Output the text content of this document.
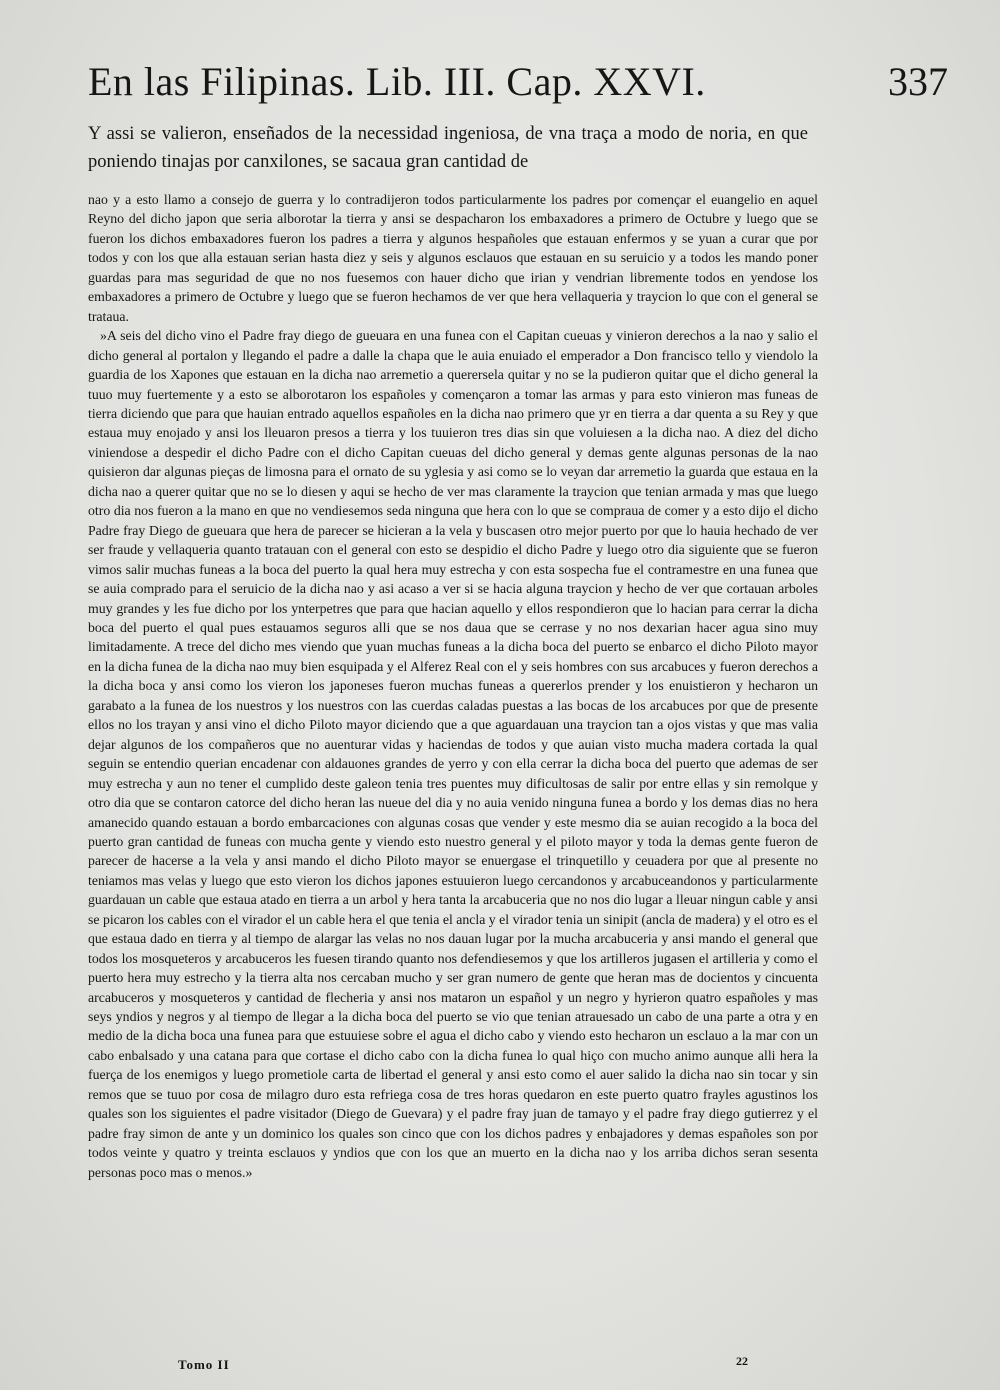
En las Filipinas. Lib. III. Cap. XXVI.	337
Y assi se valieron, enseñados de la necessidad ingeniosa, de vna traça a modo de noria, en que poniendo tinajas por canxilones, se sacaua gran cantidad de

nao y a esto llamo a consejo de guerra y lo contradijeron todos particularmente los padres por començar el euangelio en aquel Reyno del dicho japon que seria alborotar la tierra y ansi se despacharon los embaxadores a primero de Octubre y luego que se fueron los dichos embaxadores fueron los padres a tierra y algunos hespañoles que estauan enfermos y se yuan a curar que por todos y con los que alla estauan serian hasta diez y seis y algunos esclauos que estauan en su seruicio y a todos les mando poner guardas para mas seguridad de que no nos fuesemos con hauer dicho que irian y vendrian libremente todos en yendose los embaxadores a primero de Octubre y luego que se fueron hechamos de ver que hera vellaqueria y traycion lo que con el general se trataua.

»A seis del dicho vino el Padre fray diego de gueuara en una funea con el Capitan cueuas y vinieron derechos a la nao y salio el dicho general al portalon y llegando el padre a dalle la chapa que le auia enuiado el emperador a Don francisco tello y viendolo la guardia de los Xapones que estauan en la dicha nao arremetio a querersela quitar y no se la pudieron quitar que el dicho general la tuuo muy fuertemente y a esto se alborotaron los españoles y començaron a tomar las armas y para esto vinieron mas funeas de tierra diciendo que para que hauian entrado aquellos españoles en la dicha nao primero que yr en tierra a dar quenta a su Rey y que estaua muy enojado y ansi los lleuaron presos a tierra y los tuuieron tres dias sin que voluiesen a la dicha nao. A diez del dicho viniendose a despedir el dicho Padre con el dicho Capitan cueuas del dicho general y demas gente algunas personas de la nao quisieron dar algunas pieças de limosna para el ornato de su yglesia y asi como se lo veyan dar arremetio la guarda que estaua en la dicha nao a querer quitar que no se lo diesen y aqui se hecho de ver mas claramente la traycion que tenian armada y mas que luego otro dia nos fueron a la mano en que no vendiesemos seda ninguna que hera con lo que se compraua de comer y a esto dijo el dicho Padre fray Diego de gueuara que hera de parecer se hicieran a la vela y buscasen otro mejor puerto por que lo hauia hechado de ver ser fraude y vellaqueria quanto tratauan con el general con esto se despidio el dicho Padre y luego otro dia siguiente que se fueron vimos salir muchas funeas a la boca del puerto la qual hera muy estrecha y con esta sospecha fue el contramestre en una funea que se auia comprado para el seruicio de la dicha nao y asi acaso a ver si se hacia alguna traycion y hecho de ver que cortauan arboles muy grandes y les fue dicho por los ynterpetres que para que hacian aquello y ellos respondieron que lo hacian para cerrar la dicha boca del puerto el qual pues estauamos seguros alli que se nos daua que se cerrase y no nos dexarian hacer agua sino muy limitadamente. A trece del dicho mes viendo que yuan muchas funeas a la dicha boca del puerto se enbarco el dicho Piloto mayor en la dicha funea de la dicha nao muy bien esquipada y el Alferez Real con el y seis hombres con sus arcabuces y fueron derechos a la dicha boca y ansi como los vieron los japoneses fueron muchas funeas a quererlos prender y los enuistieron y hecharon un garabato a la funea de los nuestros y los nuestros con las cuerdas caladas puestas a las bocas de los arcabuces por que de presente ellos no los trayan y ansi vino el dicho Piloto mayor diciendo que a que aguardauan una traycion tan a ojos vistas y que mas valia dejar algunos de los compañeros que no auenturar vidas y haciendas de todos y que auian visto mucha madera cortada la qual seguin se entendio querian encadenar con aldauones grandes de yerro y con ella cerrar la dicha boca del puerto que ademas de ser muy estrecha y aun no tener el cumplido deste galeon tenia tres puentes muy dificultosas de salir por entre ellas y sin remolque y otro dia que se contaron catorce del dicho heran las nueue del dia y no auia venido ninguna funea a bordo y los demas dias no hera amanecido quando estauan a bordo embarcaciones con algunas cosas que vender y este mesmo dia se auian recogido a la boca del puerto gran cantidad de funeas con mucha gente y viendo esto nuestro general y el piloto mayor y toda la demas gente fueron de parecer de hacerse a la vela y ansi mando el dicho Piloto mayor se enuergase el trinquetillo y ceuadera por que al presente no teniamos mas velas y luego que esto vieron los dichos japones estuuieron luego cercandonos y arcabuceandonos y particularmente guardauan un cable que estaua atado en tierra a un arbol y hera tanta la arcabuceria que no nos dio lugar a lleuar ningun cable y ansi se picaron los cables con el virador el un cable hera el que tenia el ancla y el virador tenia un sinipit (ancla de madera) y el otro es el que estaua dado en tierra y al tiempo de alargar las velas no nos dauan lugar por la mucha arcabuceria y ansi mando el general que todos los mosqueteros y arcabuceros les fuesen tirando quanto nos defendiesemos y que los artilleros jugasen el artilleria y como el puerto hera muy estrecho y la tierra alta nos cercaban mucho y ser gran numero de gente que heran mas de docientos y cincuenta arcabuceros y mosqueteros y cantidad de flecheria y ansi nos mataron un español y un negro y hyrieron quatro españoles y mas seys yndios y negros y al tiempo de llegar a la dicha boca del puerto se vio que tenian atrauesado un cabo de una parte a otra y en medio de la dicha boca una funea para que estuuiese sobre el agua el dicho cabo y viendo esto hecharon un esclauo a la mar con un cabo enbalsado y una catana para que cortase el dicho cabo con la dicha funea lo qual hiço con mucho animo aunque alli hera la fuerça de los enemigos y luego prometiole carta de libertad el general y ansi esto como el auer salido la dicha nao sin tocar y sin remos que se tuuo por cosa de milagro duro esta refriega cosa de tres horas quedaron en este puerto quatro frayles agustinos los quales son los siguientes el padre visitador (Diego de Guevara) y el padre fray juan de tamayo y el padre fray diego gutierrez y el padre fray simon de ante y un dominico los quales son cinco que con los dichos padres y enbajadores y demas españoles son por todos veinte y quatro y treinta esclauos y yndios que con los que an muerto en la dicha nao y los arriba dichos seran sesenta personas poco mas o menos.»

Tomo II	22
